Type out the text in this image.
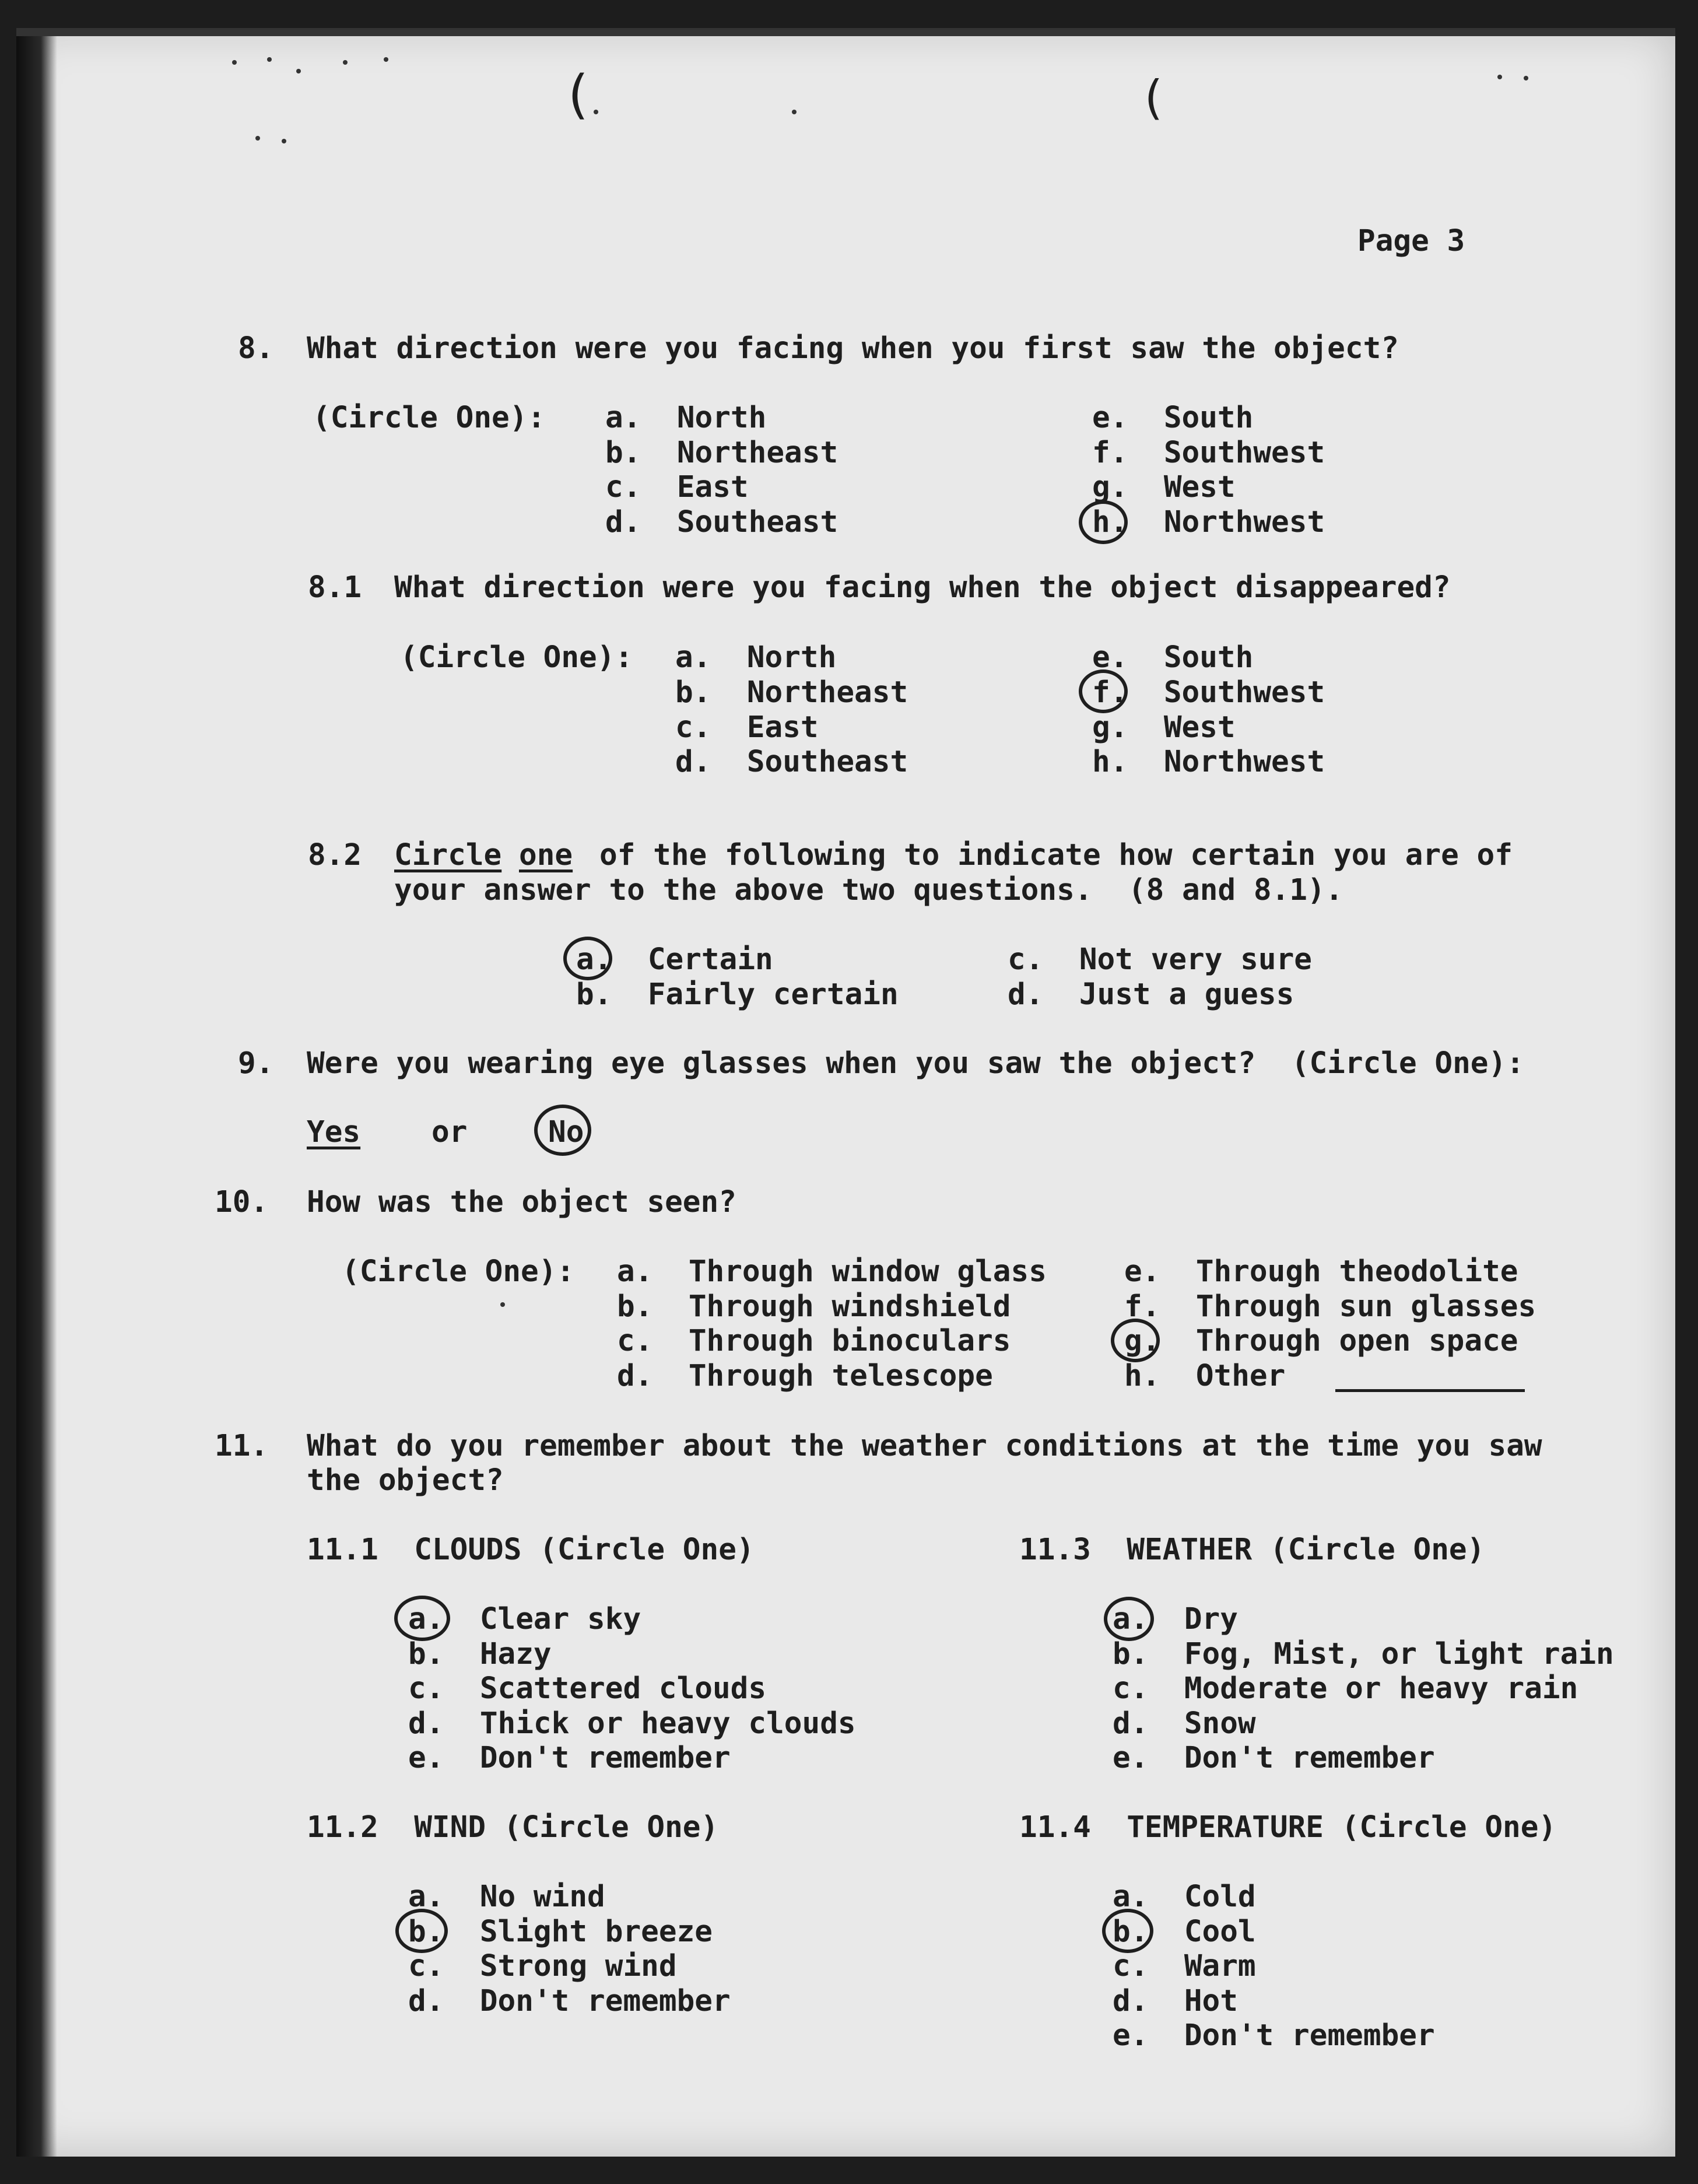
(	(
Page 3
8. What direction were you facing when you first saw the object?
(Circle One): a.  North
b.  Northeast
c.  East
d.  Southeast
e.  South
f.  Southwest
g.  West
h.  Northwest
8.1 What direction were you facing when the object disappeared?
(Circle One): a.  North
b.  Northeast
c.  East
d.  Southeast
e.  South
f.  Southwest
g.  West
h.  Northwest
8.2 Circle one of the following to indicate how certain you are of
your answer to the above two questions.  (8 and 8.1).
a.  Certain
b.  Fairly certain
c.  Not very sure
d.  Just a guess
9. Were you wearing eye glasses when you saw the object?  (Circle One):
Yes or	No
10. How was the object seen?
(Circle One): a.  Through window glass
b.  Through windshield
c.  Through binoculars
d.  Through telescope
e.  Through theodolite
f.  Through sun glasses
g.  Through open space
h.  Other
11. What do you remember about the weather conditions at the time you saw
the object?
11.1  CLOUDS (Circle One)
a.  Clear sky
b.  Hazy
c.  Scattered clouds
d.  Thick or heavy clouds
e.  Don't remember
11.3  WEATHER (Circle One)
a.  Dry
b.  Fog, Mist, or light rain
c.  Moderate or heavy rain
d.  Snow
e.  Don't remember
11.2  WIND (Circle One)
a.  No wind
b.  Slight breeze
c.  Strong wind
d.  Don't remember
11.4  TEMPERATURE (Circle One)
a.  Cold
b.  Cool
c.  Warm
d.  Hot
e.  Don't remember
